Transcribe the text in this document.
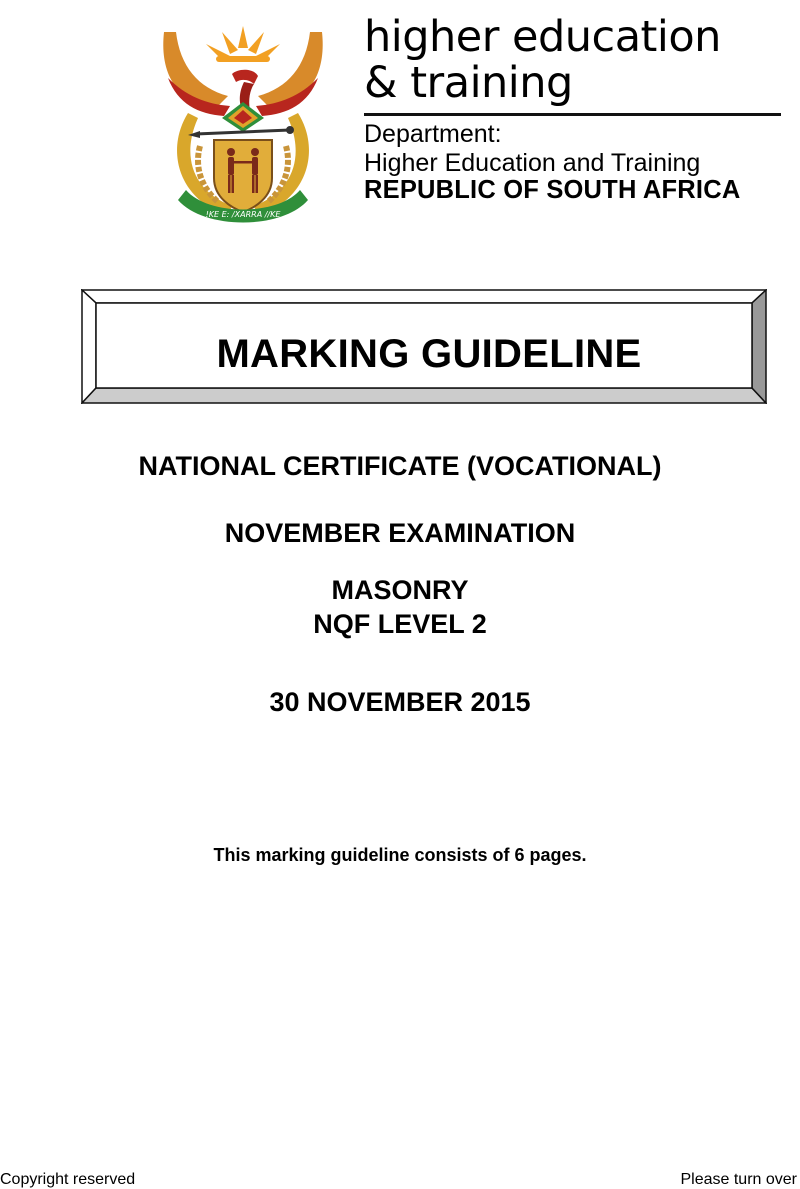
!KE E: /XARRA //KE
higher education
& training
Department:
Higher Education and Training
REPUBLIC OF SOUTH AFRICA
MARKING GUIDELINE
NATIONAL CERTIFICATE (VOCATIONAL)
NOVEMBER EXAMINATION
MASONRY
NQF LEVEL 2
30 NOVEMBER 2015
This marking guideline consists of 6 pages.
Copyright reserved	Please turn over
